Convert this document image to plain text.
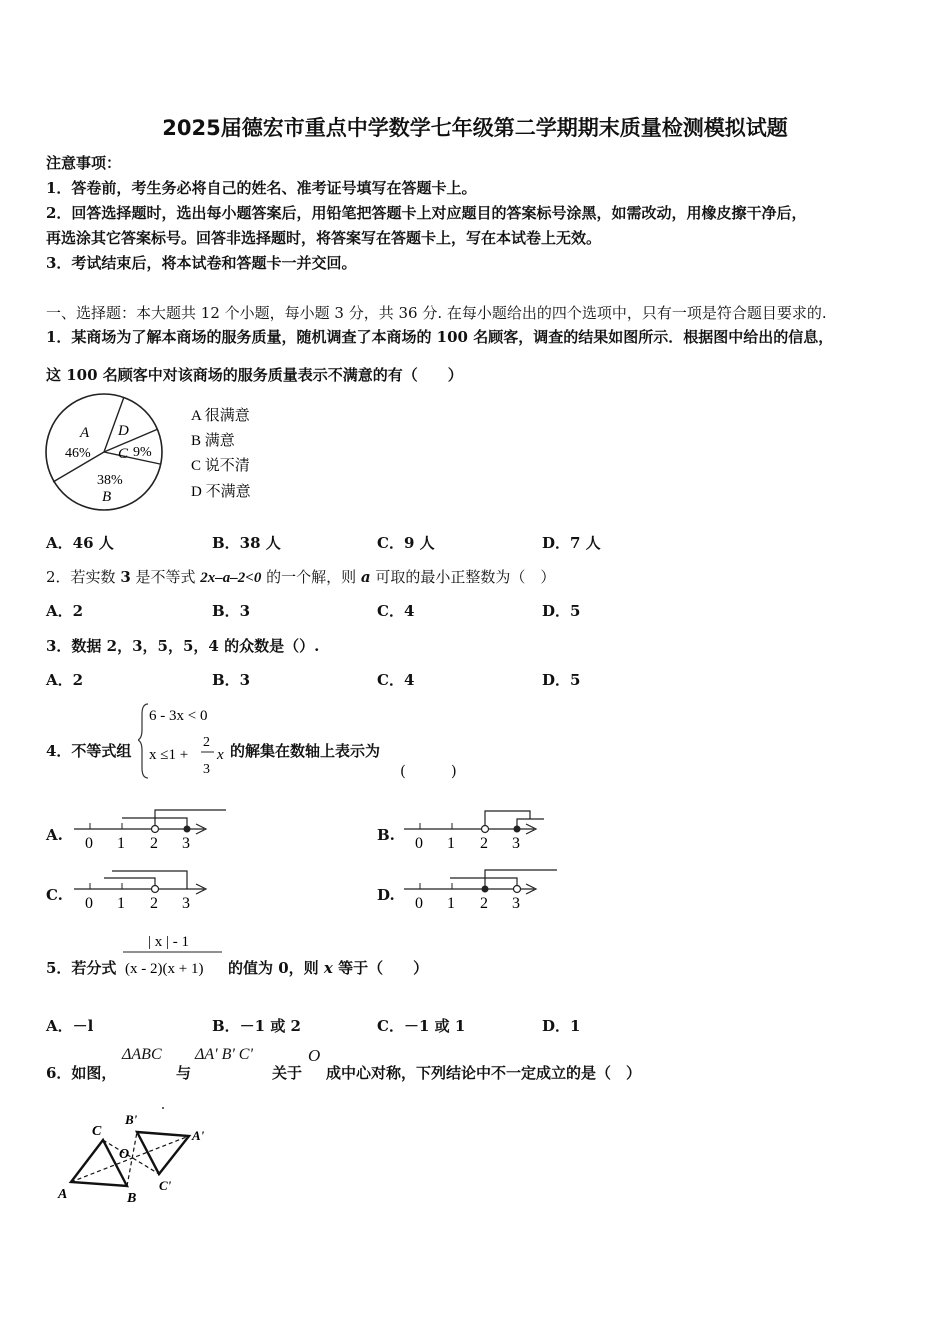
2025届德宏市重点中学数学七年级第二学期期末质量检测模拟试题
注意事项：
1．答卷前，考生务必将自己的姓名、准考证号填写在答题卡上。
2．回答选择题时，选出每小题答案后，用铅笔把答题卡上对应题目的答案标号涂黑，如需改动，用橡皮擦干净后，
再选涂其它答案标号。回答非选择题时，将答案写在答题卡上，写在本试卷上无效。
3．考试结束后，将本试卷和答题卡一并交回。
一、选择题：本大题共 12 个小题，每小题 3 分，共 36 分. 在每小题给出的四个选项中，只有一项是符合题目要求的.
1．某商场为了解本商场的服务质量，随机调查了本商场的 100 名顾客，调查的结果如图所示．根据图中给出的信息，
这 100 名顾客中对该商场的服务质量表示不满意的有（　　）
A
46%
D
C 9%
38%
B
A 很满意
B 满意
C 说不清
D 不满意
A．46 人	B．38 人	C．9 人	D．7 人
2．若实数 3 是不等式 2x–a–2<0 的一个解，则 a 可取的最小正整数为（　）
A．2	B．3	C．4	D．5
3．数据 2，3，5，5，4 的众数是（）.
A．2	B．3	C．4	D．5
4．不等式组
6 - 3x < 0
x ≤1 +
2
3
x 的解集在数轴上表示为
(　　　)
A. 0 1 2 3	B. 0 1 2 3
C. 0 1 2 3	D. 0 1 2 3
5．若分式
| x | - 1
(x - 2)(x + 1) 的值为 0，则 x 等于（　　）
A．－l	B．－1 或 2	C．－1 或 1	D．1
6．如图，
ΔABC
与
ΔA' B' C'
关于
O
成中心对称，下列结论中不一定成立的是（　）
A	B
C
O
A'
B'
C'
